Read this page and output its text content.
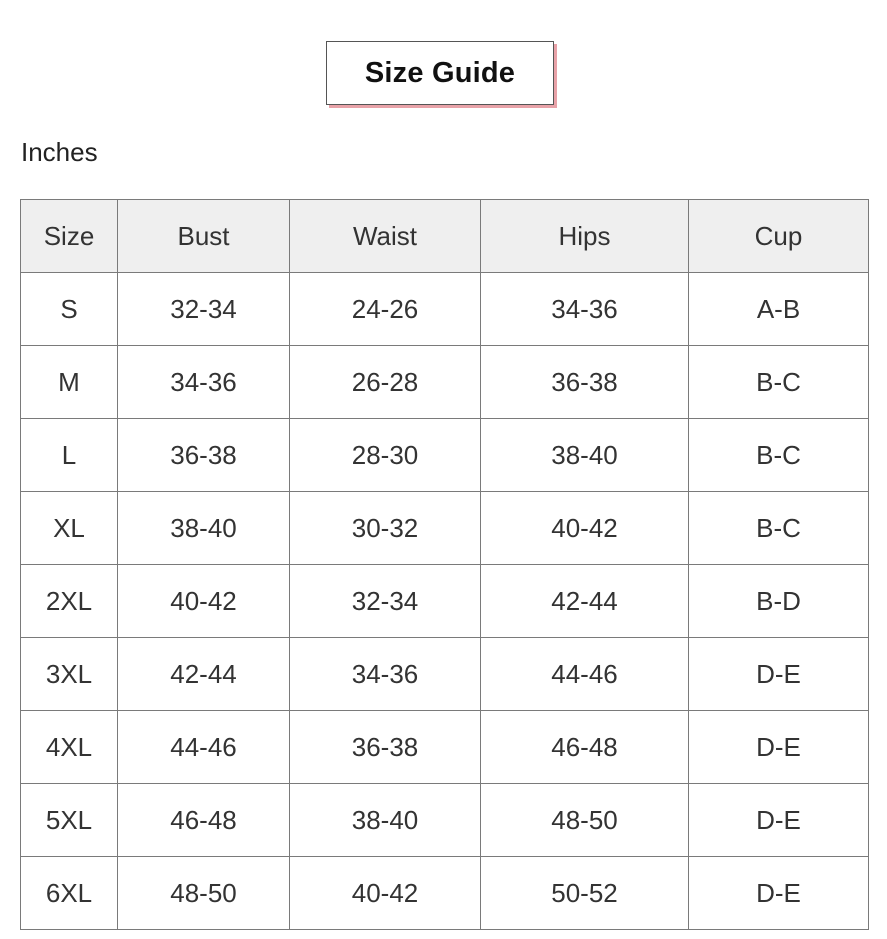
Size Guide
Inches
Size	Bust	Waist	Hips	Cup
S	32-34	24-26	34-36	A-B
M	34-36	26-28	36-38	B-C
L	36-38	28-30	38-40	B-C
XL	38-40	30-32	40-42	B-C
2XL	40-42	32-34	42-44	B-D
3XL	42-44	34-36	44-46	D-E
4XL	44-46	36-38	46-48	D-E
5XL	46-48	38-40	48-50	D-E
6XL	48-50	40-42	50-52	D-E
